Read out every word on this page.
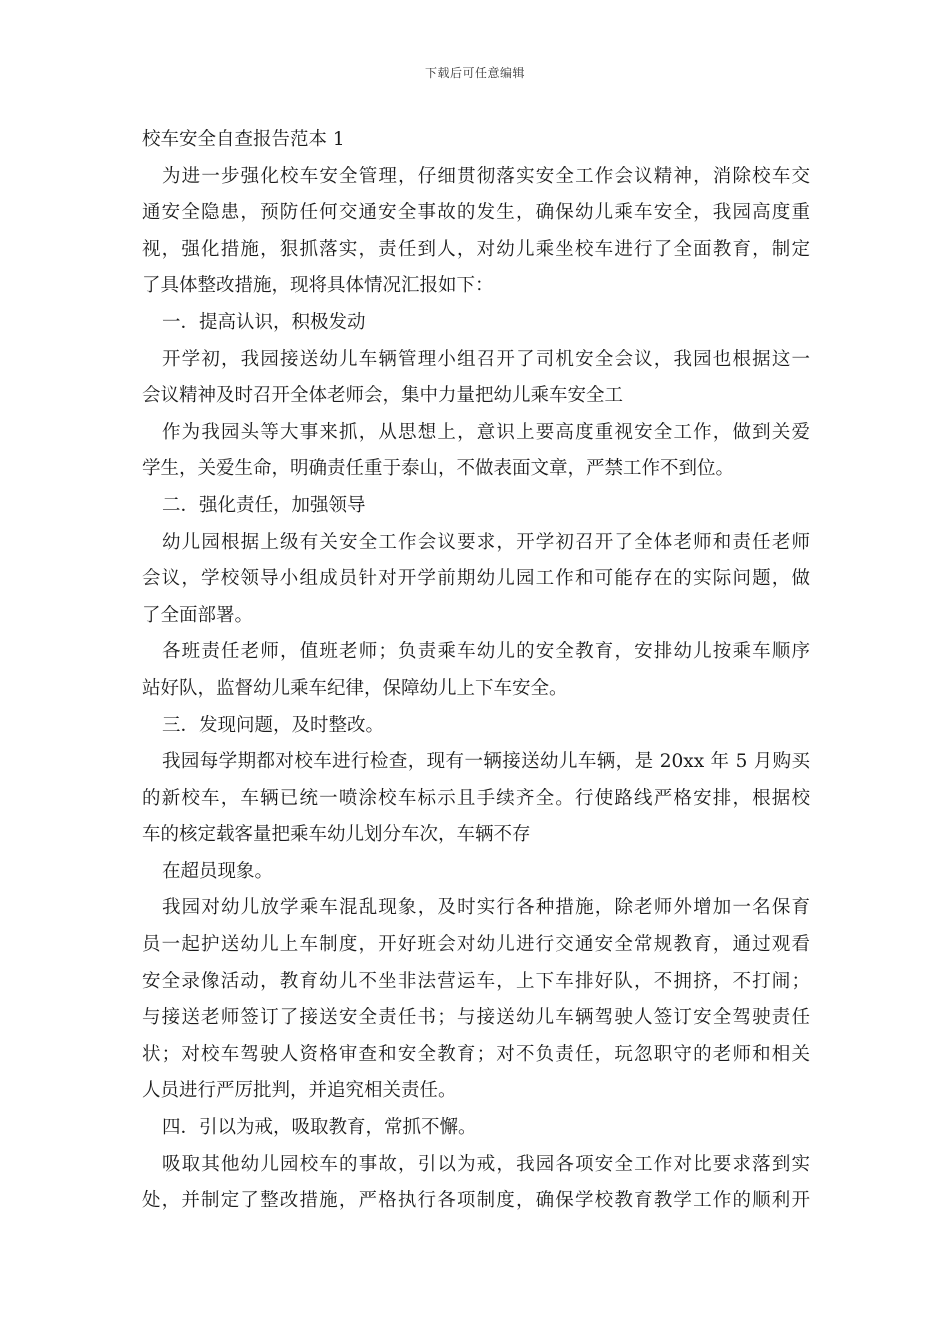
下载后可任意编辑
校车安全自查报告范本 1
为进一步强化校车安全管理，仔细贯彻落实安全工作会议精神，消除校车交
通安全隐患，预防任何交通安全事故的发生，确保幼儿乘车安全，我园高度重
视，强化措施，狠抓落实，责任到人，对幼儿乘坐校车进行了全面教育，制定
了具体整改措施，现将具体情况汇报如下：
一．提高认识，积极发动
开学初，我园接送幼儿车辆管理小组召开了司机安全会议，我园也根据这一
会议精神及时召开全体老师会，集中力量把幼儿乘车安全工
作为我园头等大事来抓，从思想上，意识上要高度重视安全工作，做到关爱
学生，关爱生命，明确责任重于泰山，不做表面文章，严禁工作不到位。
二．强化责任，加强领导
幼儿园根据上级有关安全工作会议要求，开学初召开了全体老师和责任老师
会议，学校领导小组成员针对开学前期幼儿园工作和可能存在的实际问题，做
了全面部署。
各班责任老师，值班老师；负责乘车幼儿的安全教育，安排幼儿按乘车顺序
站好队，监督幼儿乘车纪律，保障幼儿上下车安全。
三．发现问题，及时整改。
我园每学期都对校车进行检查，现有一辆接送幼儿车辆，是 20xx 年 5 月购买
的新校车，车辆已统一喷涂校车标示且手续齐全。行使路线严格安排，根据校
车的核定载客量把乘车幼儿划分车次，车辆不存
在超员现象。
我园对幼儿放学乘车混乱现象，及时实行各种措施，除老师外增加一名保育
员一起护送幼儿上车制度，开好班会对幼儿进行交通安全常规教育，通过观看
安全录像活动，教育幼儿不坐非法营运车，上下车排好队，不拥挤，不打闹；
与接送老师签订了接送安全责任书；与接送幼儿车辆驾驶人签订安全驾驶责任
状；对校车驾驶人资格审查和安全教育；对不负责任，玩忽职守的老师和相关
人员进行严厉批判，并追究相关责任。
四．引以为戒，吸取教育，常抓不懈。
吸取其他幼儿园校车的事故，引以为戒，我园各项安全工作对比要求落到实
处，并制定了整改措施，严格执行各项制度，确保学校教育教学工作的顺利开
